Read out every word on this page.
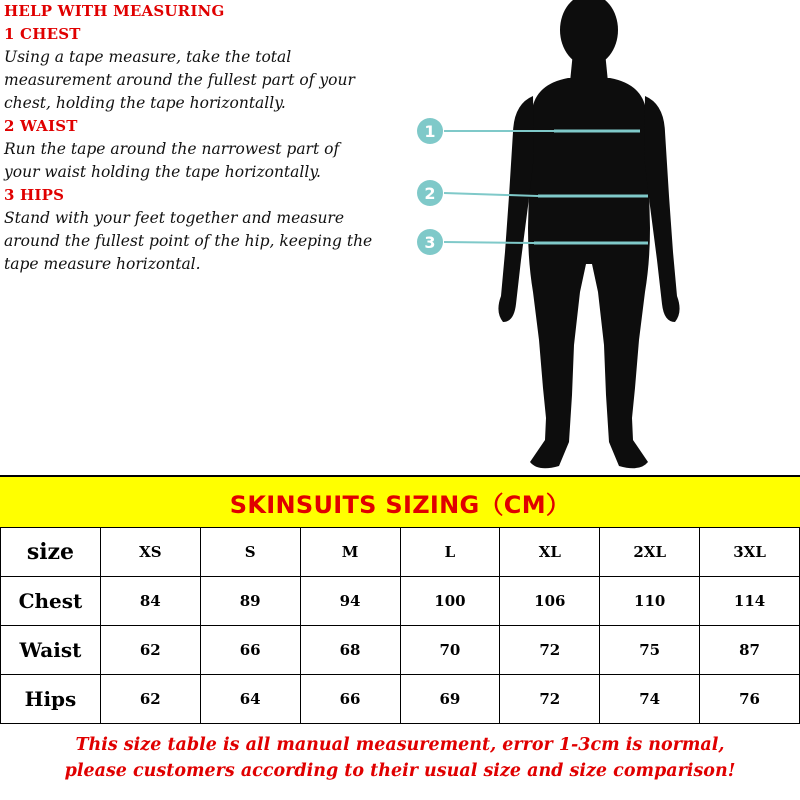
HELP WITH MEASURING

1 CHEST

Using a tape measure, take the total

measurement around the fullest part of your

chest, holding the tape horizontally.

2 WAIST

Run the tape around the narrowest part of

your waist holding the tape horizontally.

3 HIPS

Stand with your feet together and measure

around the fullest point of the hip, keeping the

tape measure horizontal.

1
2
3
SKINSUITS SIZING（CM）
size	XS	S	M	L	XL	2XL	3XL
Chest	84	89	94	100	106	110	114
Waist	62	66	68	70	72	75	87
Hips	62	64	66	69	72	74	76
This size table is all manual measurement, error 1-3cm is normal,
please customers according to their usual size and size comparison!
